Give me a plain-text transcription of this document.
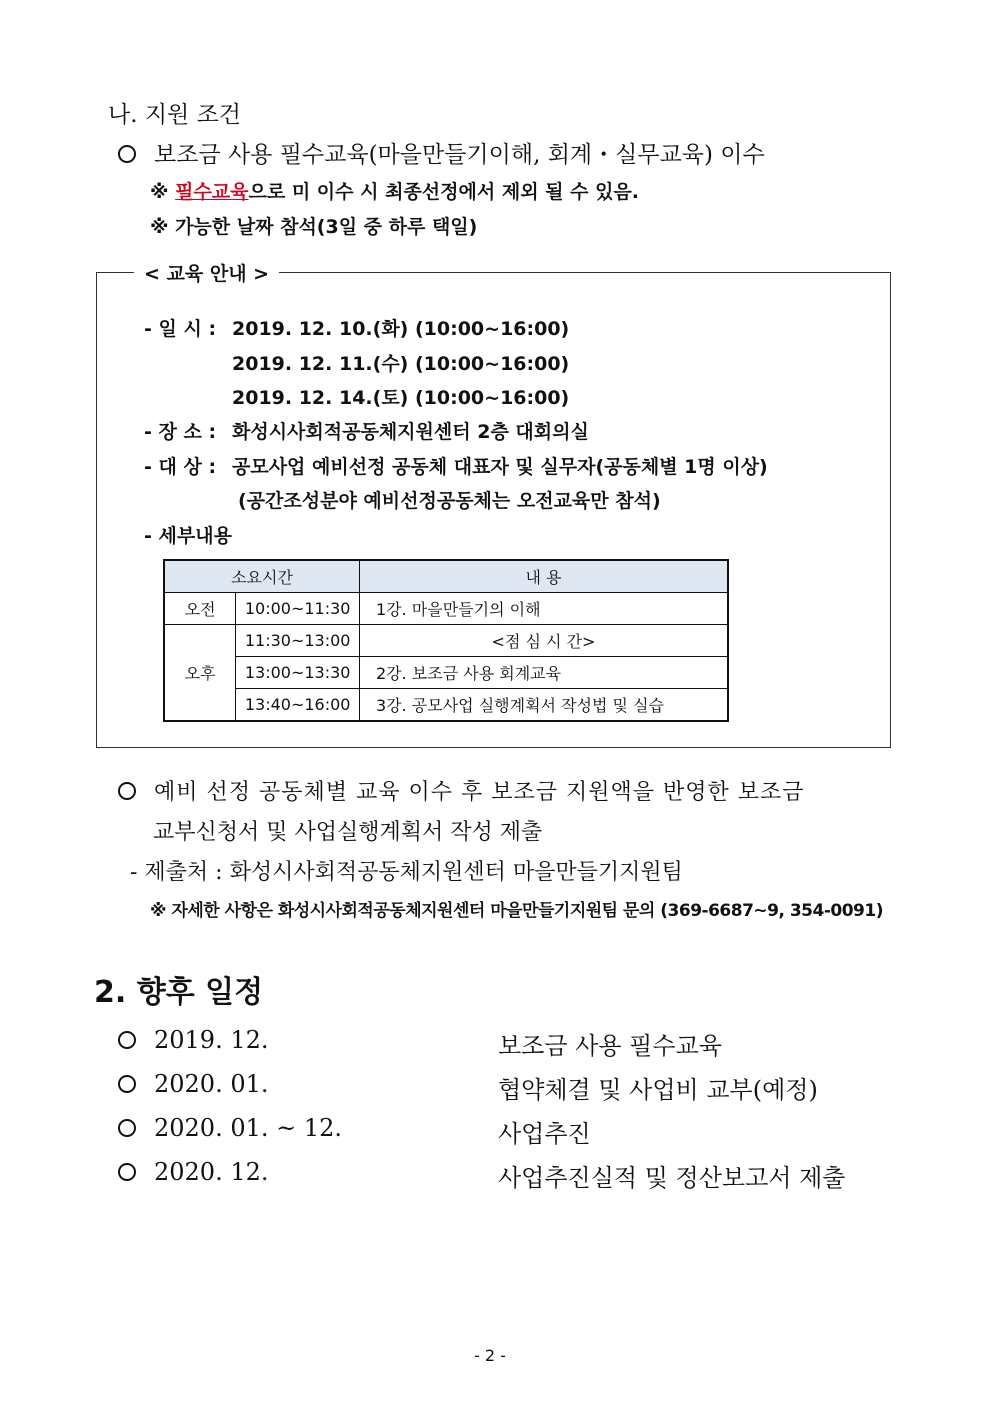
나. 지원 조건
보조금 사용 필수교육(마을만들기이해, 회계・실무교육) 이수
※ 필수교육으로 미 이수 시 최종선정에서 제외 될 수 있음.
※ 가능한 날짜 참석(3일 중 하루 택일)
< 교육 안내 >
- 일 시 : 2019. 12. 10.(화) (10:00~16:00)
2019. 12. 11.(수) (10:00~16:00)
2019. 12. 14.(토) (10:00~16:00)
- 장 소 : 화성시사회적공동체지원센터 2층 대회의실
- 대 상 : 공모사업 예비선정 공동체 대표자 및 실무자(공동체별 1명 이상)
(공간조성분야 예비선정공동체는 오전교육만 참석)
- 세부내용
소요시간		내 용
오전	10:00~11:30	1강. 마을만들기의 이해
오후	11:30~13:00	<점 심 시 간>
	13:00~13:30	2강. 보조금 사용 회계교육
	13:40~16:00	3강. 공모사업 실행계획서 작성법 및 실습
예비 선정 공동체별 교육 이수 후 보조금 지원액을 반영한 보조금
교부신청서 및 사업실행계획서 작성 제출
- 제출처 : 화성시사회적공동체지원센터 마을만들기지원팀
※ 자세한 사항은 화성시사회적공동체지원센터 마을만들기지원팀 문의 (369-6687~9, 354-0091)
2. 향후 일정
2019. 12.	보조금 사용 필수교육
2020. 01.	협약체결 및 사업비 교부(예정)
2020. 01. ~ 12.	사업추진
2020. 12.	사업추진실적 및 정산보고서 제출
- 2 -
